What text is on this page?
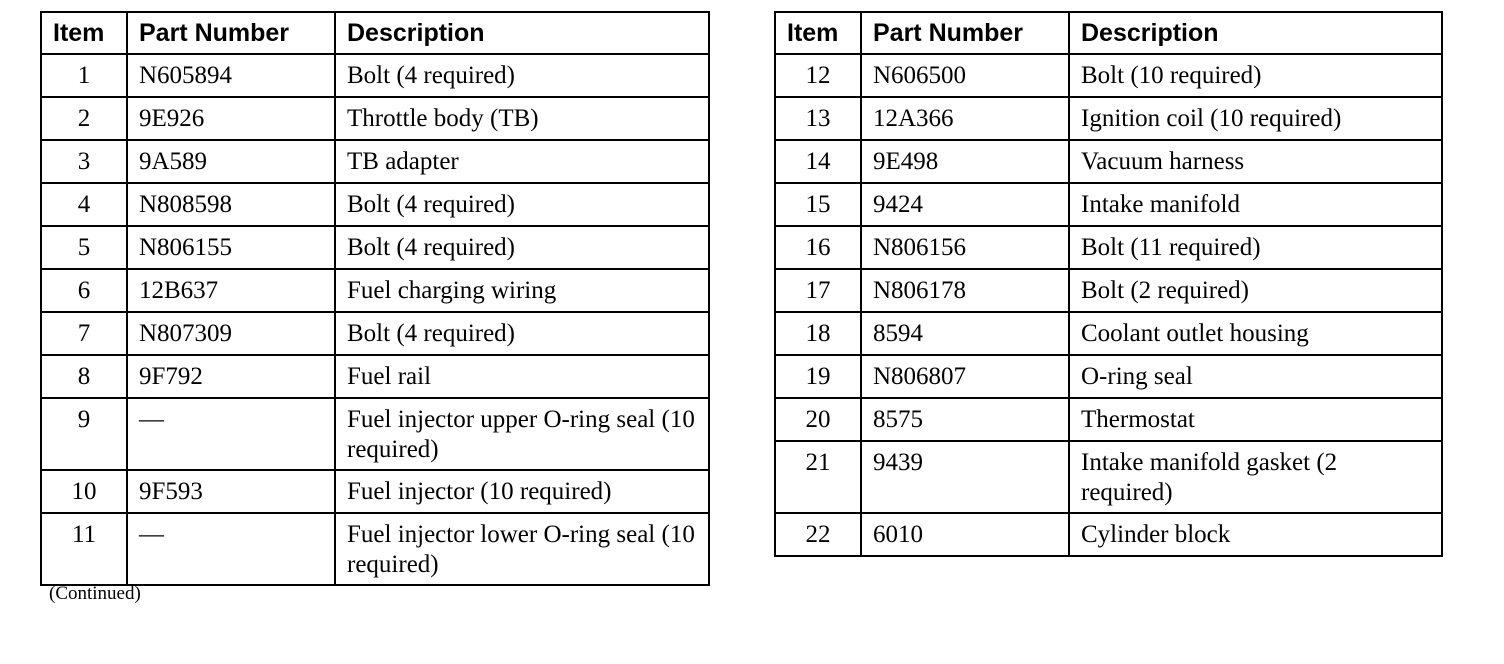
Item	Part Number	Description
1	N605894	Bolt (4 required)
2	9E926	Throttle body (TB)
3	9A589	TB adapter
4	N808598	Bolt (4 required)
5	N806155	Bolt (4 required)
6	12B637	Fuel charging wiring
7	N807309	Bolt (4 required)
8	9F792	Fuel rail
9	—	Fuel injector upper O-ring seal (10 required)
10	9F593	Fuel injector (10 required)
11	—	Fuel injector lower O-ring seal (10 required)
Item	Part Number	Description
12	N606500	Bolt (10 required)
13	12A366	Ignition coil (10 required)
14	9E498	Vacuum harness
15	9424	Intake manifold
16	N806156	Bolt (11 required)
17	N806178	Bolt (2 required)
18	8594	Coolant outlet housing
19	N806807	O-ring seal
20	8575	Thermostat
21	9439	Intake manifold gasket (2 required)
22	6010	Cylinder block
(Continued)
